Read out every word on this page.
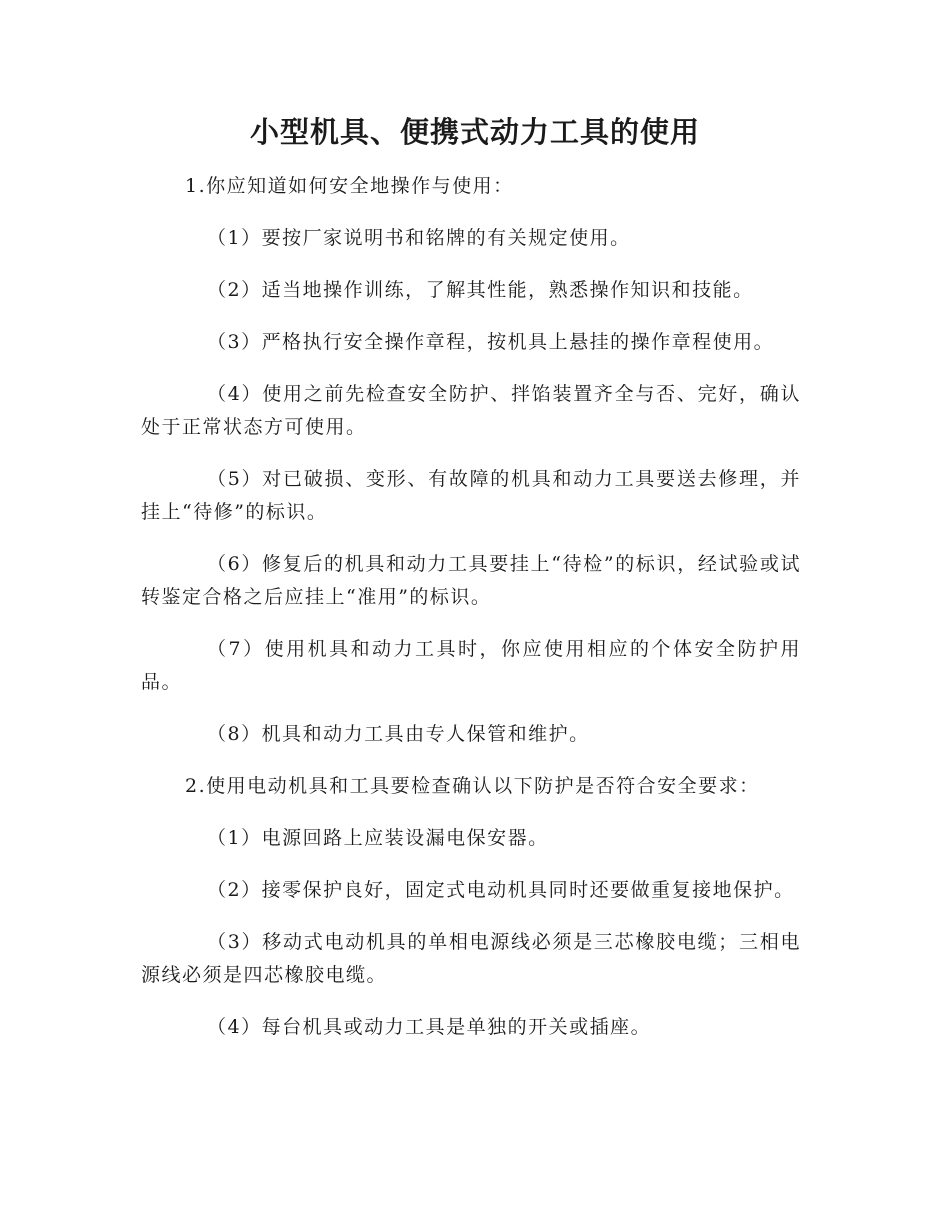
小型机具、便携式动力工具的使用

1.你应知道如何安全地操作与使用：

（1）要按厂家说明书和铭牌的有关规定使用。

（2）适当地操作训练，了解其性能，熟悉操作知识和技能。

（3）严格执行安全操作章程，按机具上悬挂的操作章程使用。

（4）使用之前先检查安全防护、拌馅装置齐全与否、完好，确认处于正常状态方可使用。

（5）对已破损、变形、有故障的机具和动力工具要送去修理，并挂上“待修”的标识。

（6）修复后的机具和动力工具要挂上“待检”的标识，经试验或试转鉴定合格之后应挂上“准用”的标识。

（7）使用机具和动力工具时，你应使用相应的个体安全防护用品。

（8）机具和动力工具由专人保管和维护。

2.使用电动机具和工具要检查确认以下防护是否符合安全要求：

（1）电源回路上应装设漏电保安器。

（2）接零保护良好，固定式电动机具同时还要做重复接地保护。

（3）移动式电动机具的单相电源线必须是三芯橡胶电缆；三相电源线必须是四芯橡胶电缆。

（4）每台机具或动力工具是单独的开关或插座。
